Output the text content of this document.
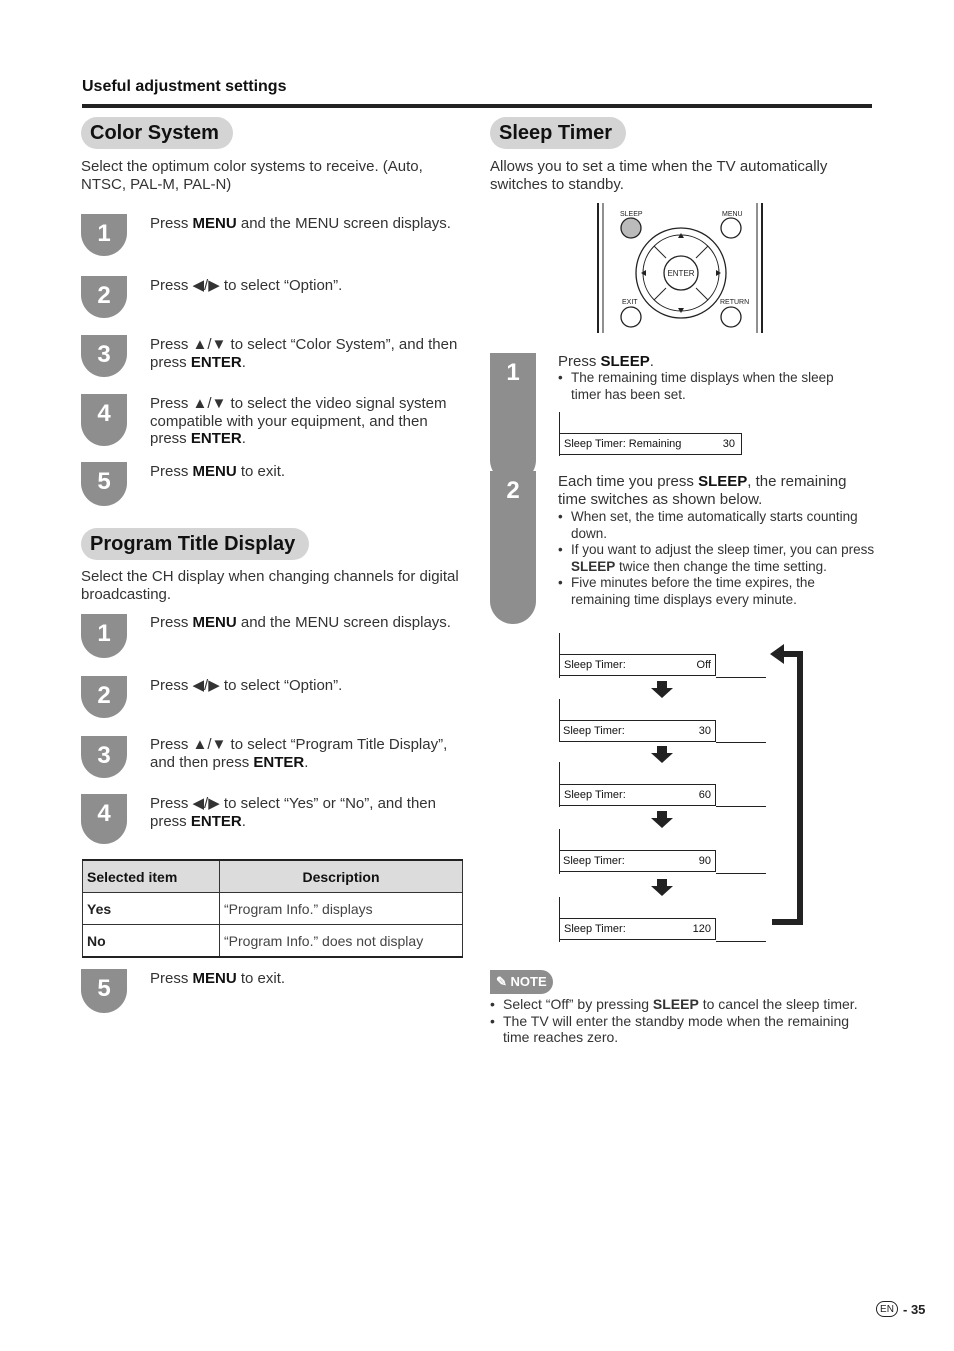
Useful adjustment settings
Color System
Select the optimum color systems to receive. (Auto, NTSC, PAL-M, PAL-N)
1	Press MENU and the MENU screen displays.
2	Press ◀/▶ to select “Option”.
3	Press ▲/▼ to select “Color System”, and then press ENTER.
4	Press ▲/▼ to select the video signal system compatible with your equipment, and then press ENTER.
5	Press MENU to exit.
Program Title Display
Select the CH display when changing channels for digital broadcasting.
1	Press MENU and the MENU screen displays.
2	Press ◀/▶ to select “Option”.
3	Press ▲/▼ to select “Program Title Display”, and then press ENTER.
4	Press ◀/▶ to select “Yes” or “No”, and then press ENTER.
Selected item	Description
Yes	“Program Info.” displays
No	“Program Info.” does not display
5	Press MENU to exit.
Sleep Timer
Allows you to set a time when the TV automatically switches to standby.
SLEEP	MENU
ENTER
EXIT	RETURN
1	Press SLEEP.
• The remaining time displays when the sleep timer has been set.
Sleep Timer: Remaining	30
2	Each time you press SLEEP, the remaining time switches as shown below.
• When set, the time automatically starts counting down.
• If you want to adjust the sleep timer, you can press SLEEP twice then change the time setting.
• Five minutes before the time expires, the remaining time displays every minute.
Sleep Timer:	Off
Sleep Timer:	30
Sleep Timer:	60
Sleep Timer:	90
Sleep Timer:	120
✎ NOTE
• Select “Off” by pressing SLEEP to cancel the sleep timer.
• The TV will enter the standby mode when the remaining time reaches zero.
EN - 35
